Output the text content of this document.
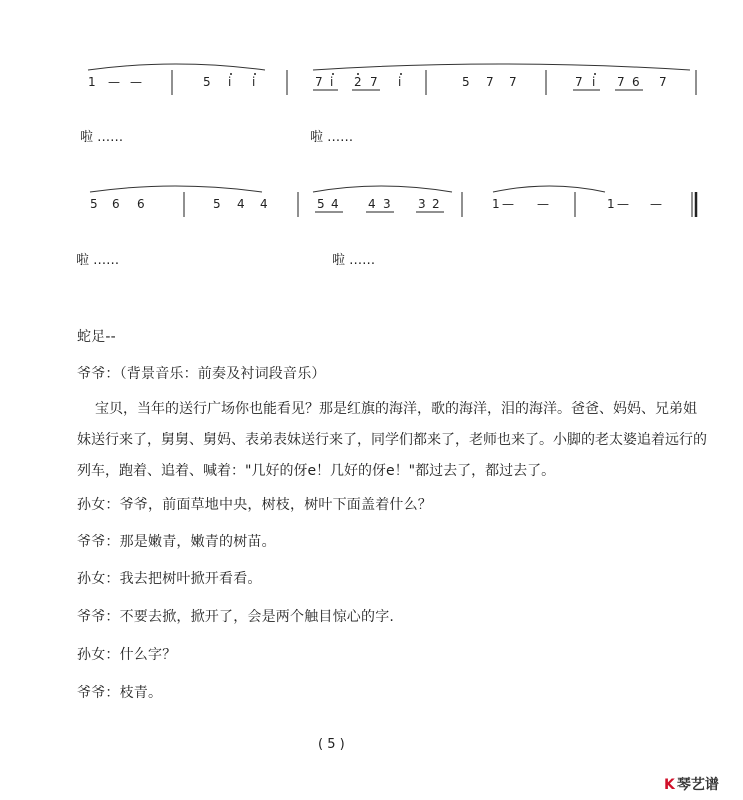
1 — —	5 i i	7 i 2 7 i	5 7 7	7 i 7 6 7
5 6 6	5 4 4	5 4 4 3 3 2	1 — —	1 — —
啦 ……	啦 ……
啦 ……	啦 ……
蛇足--
爷爷：（背景音乐：前奏及衬词段音乐）
宝贝，当年的送行广场你也能看见？那是红旗的海洋，歌的海洋，泪的海洋。爸爸、妈妈、兄弟姐妹送行来了，舅舅、舅妈、表弟表妹送行来了，同学们都来了，老师也来了。小脚的老太婆追着远行的列车，跑着、追着、喊着："几好的伢e！几好的伢e！"都过去了，都过去了。
孙女：爷爷，前面草地中央，树枝，树叶下面盖着什么？
爷爷：那是嫩青，嫩青的树苗。
孙女：我去把树叶掀开看看。
爷爷：不要去掀，掀开了，会是两个触目惊心的字.
孙女：什么字？
爷爷：枝青。
( 5 )
K 琴艺谱
